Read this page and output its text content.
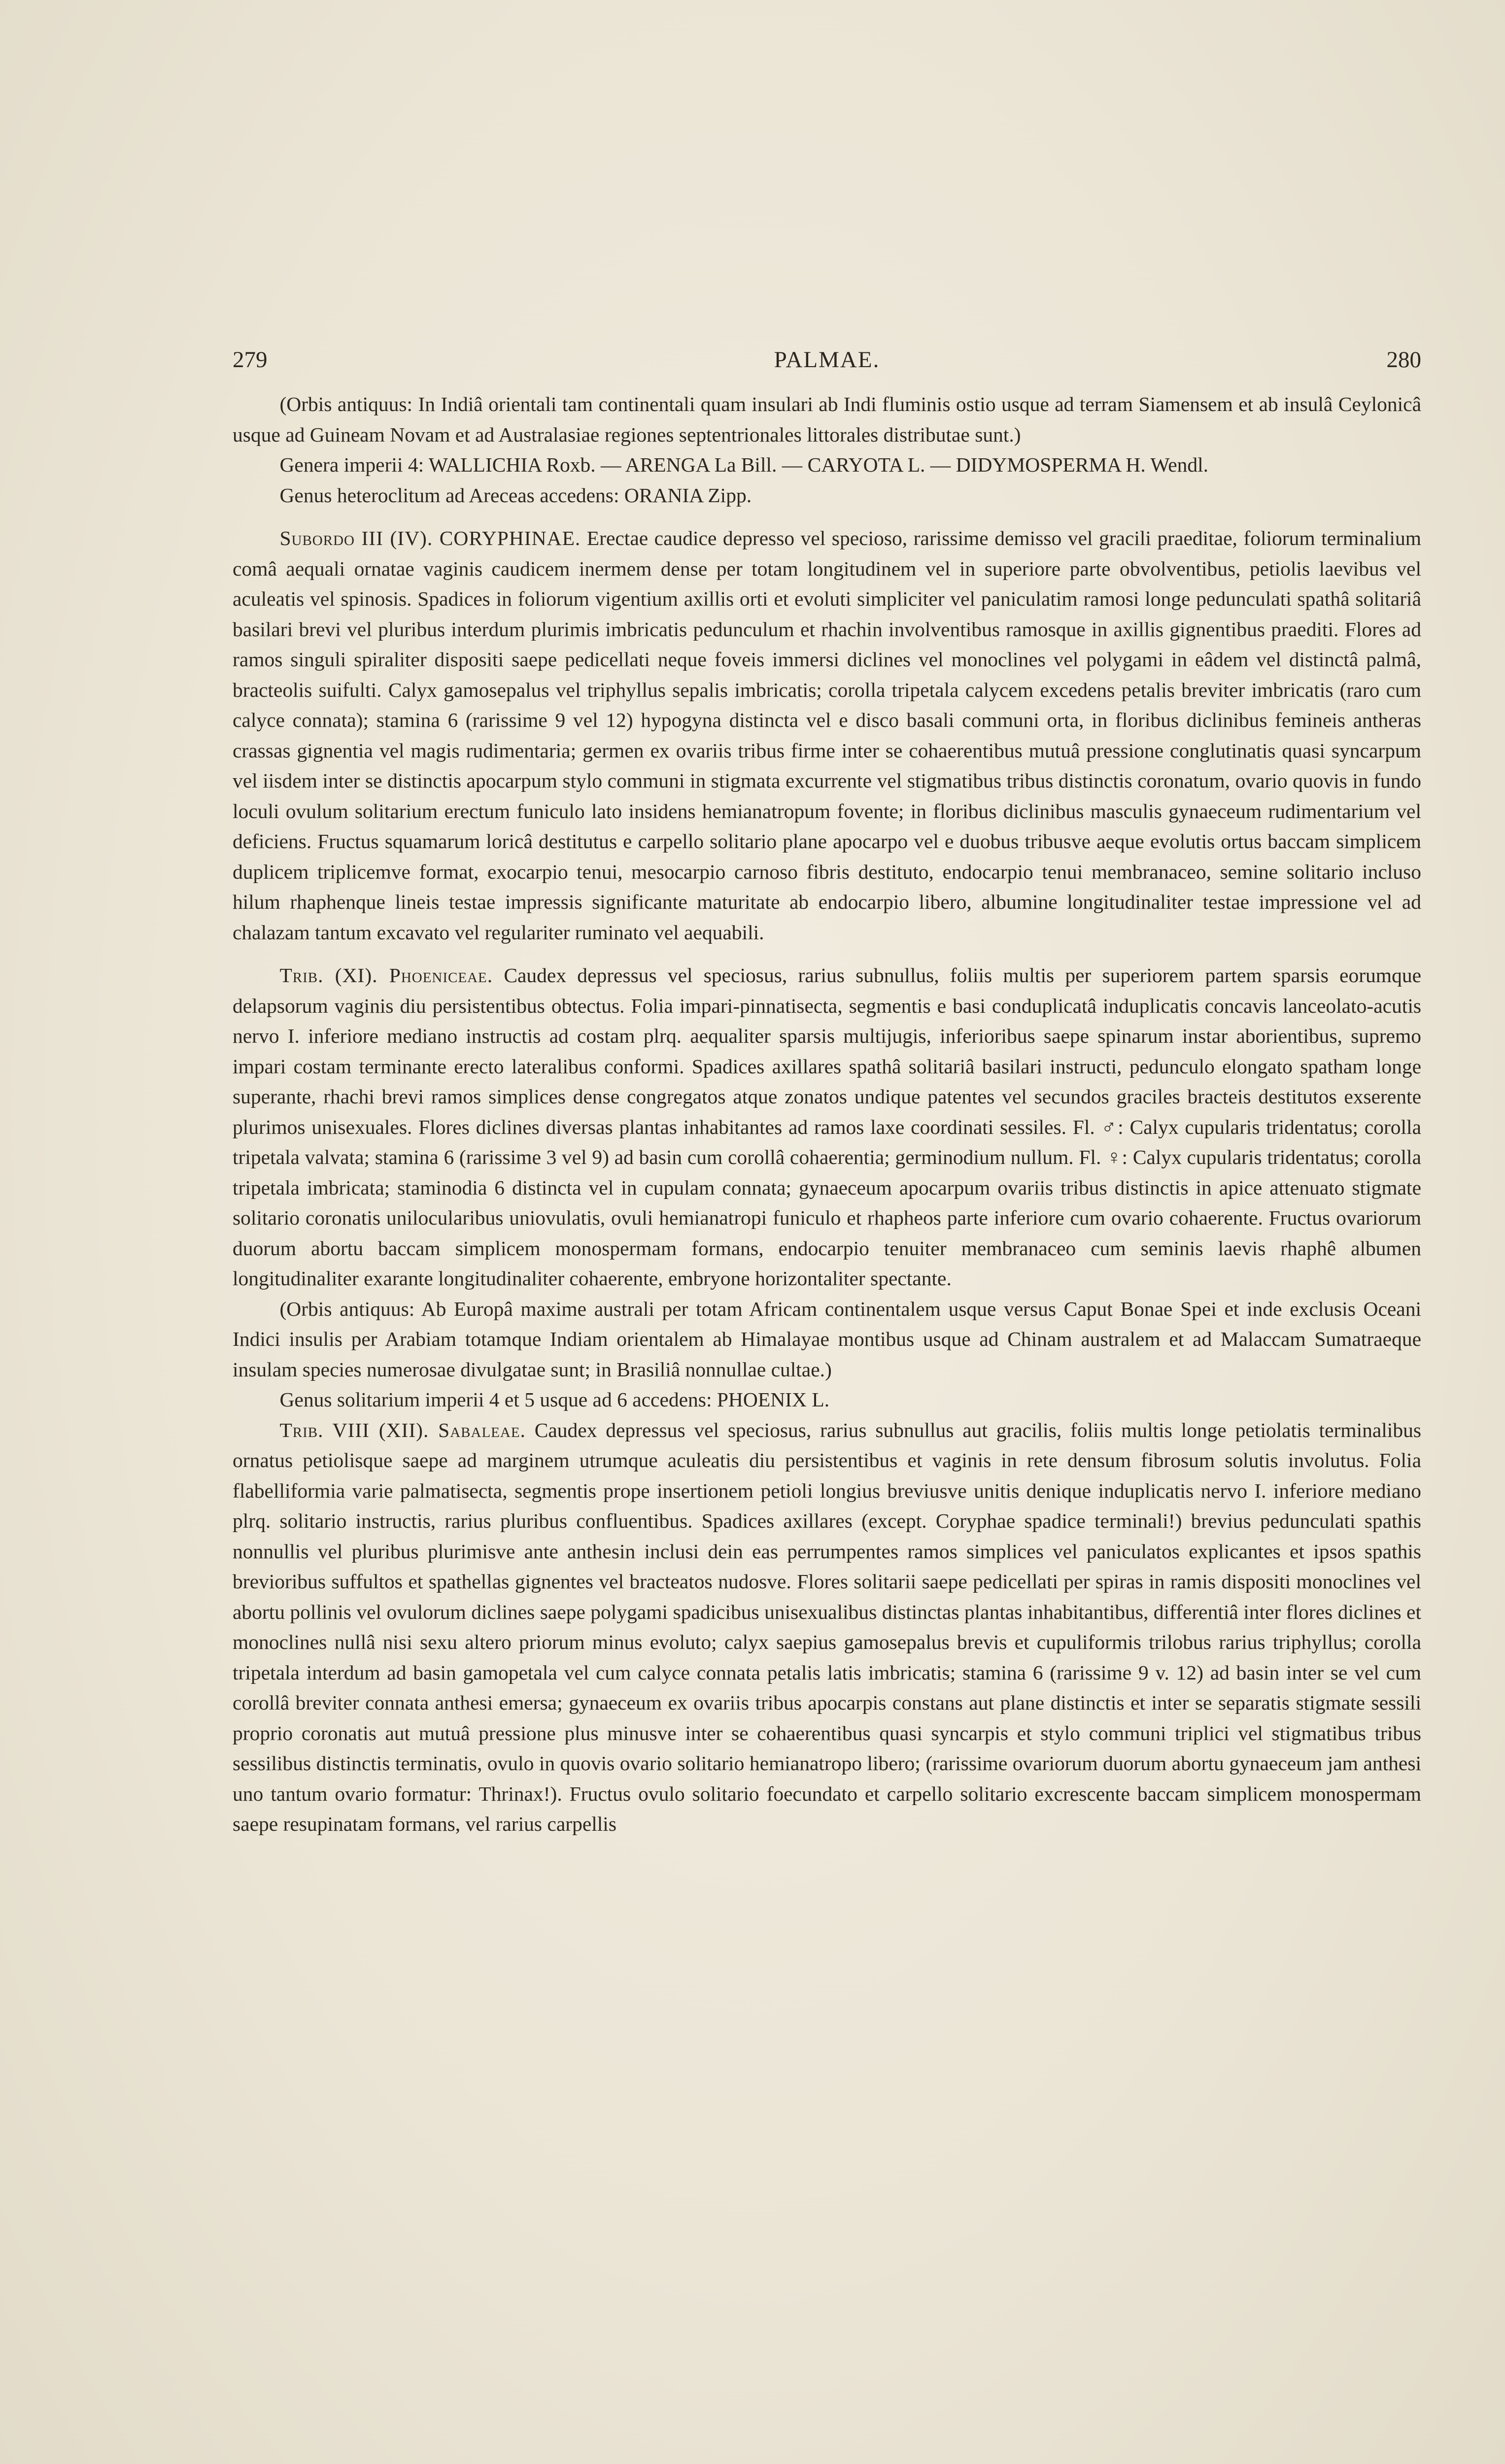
279	PALMAE.	280

(Orbis antiquus: In Indiâ orientali tam continentali quam insulari ab Indi fluminis ostio usque ad terram Siamensem et ab insulâ Ceylonicâ usque ad Guineam Novam et ad Australasiae regiones septentrionales littorales distributae sunt.)

Genera imperii 4: WALLICHIA Roxb. — ARENGA La Bill. — CARYOTA L. — DIDYMOSPERMA H. Wendl.

Genus heteroclitum ad Areceas accedens: ORANIA Zipp.

Subordo III (IV). CORYPHINAE. Erectae caudice depresso vel specioso, rarissime demisso vel gracili praeditae, foliorum terminalium comâ aequali ornatae vaginis caudicem inermem dense per totam longitudinem vel in superiore parte obvolventibus, petiolis laevibus vel aculeatis vel spinosis. Spadices in foliorum vigentium axillis orti et evoluti simpliciter vel paniculatim ramosi longe pedunculati spathâ solitariâ basilari brevi vel pluribus interdum plurimis imbricatis pedunculum et rhachin involventibus ramosque in axillis gignentibus praediti. Flores ad ramos singuli spiraliter dispositi saepe pedicellati neque foveis immersi diclines vel monoclines vel polygami in eâdem vel distinctâ palmâ, bracteolis suifulti. Calyx gamosepalus vel triphyllus sepalis imbricatis; corolla tripetala calycem excedens petalis breviter imbricatis (raro cum calyce connata); stamina 6 (rarissime 9 vel 12) hypogyna distincta vel e disco basali communi orta, in floribus diclinibus femineis antheras crassas gignentia vel magis rudimentaria; germen ex ovariis tribus firme inter se cohaerentibus mutuâ pressione conglutinatis quasi syncarpum vel iisdem inter se distinctis apocarpum stylo communi in stigmata excurrente vel stigmatibus tribus distinctis coronatum, ovario quovis in fundo loculi ovulum solitarium erectum funiculo lato insidens hemianatropum fovente; in floribus diclinibus masculis gynaeceum rudimentarium vel deficiens. Fructus squamarum loricâ destitutus e carpello solitario plane apocarpo vel e duobus tribusve aeque evolutis ortus baccam simplicem duplicem triplicemve format, exocarpio tenui, mesocarpio carnoso fibris destituto, endocarpio tenui membranaceo, semine solitario incluso hilum rhaphenque lineis testae impressis significante maturitate ab endocarpio libero, albumine longitudinaliter testae impressione vel ad chalazam tantum excavato vel regulariter ruminato vel aequabili.

Trib. (XI). Phoeniceae. Caudex depressus vel speciosus, rarius subnullus, foliis multis per superiorem partem sparsis eorumque delapsorum vaginis diu persistentibus obtectus. Folia impari-pinnatisecta, segmentis e basi conduplicatâ induplicatis concavis lanceolato-acutis nervo I. inferiore mediano instructis ad costam plrq. aequaliter sparsis multijugis, inferioribus saepe spinarum instar aborientibus, supremo impari costam terminante erecto lateralibus conformi. Spadices axillares spathâ solitariâ basilari instructi, pedunculo elongato spatham longe superante, rhachi brevi ramos simplices dense congregatos atque zonatos undique patentes vel secundos graciles bracteis destitutos exserente plurimos unisexuales. Flores diclines diversas plantas inhabitantes ad ramos laxe coordinati sessiles. Fl. ♂: Calyx cupularis tridentatus; corolla tripetala valvata; stamina 6 (rarissime 3 vel 9) ad basin cum corollâ cohaerentia; germinodium nullum. Fl. ♀: Calyx cupularis tridentatus; corolla tripetala imbricata; staminodia 6 distincta vel in cupulam connata; gynaeceum apocarpum ovariis tribus distinctis in apice attenuato stigmate solitario coronatis unilocularibus uniovulatis, ovuli hemianatropi funiculo et rhapheos parte inferiore cum ovario cohaerente. Fructus ovariorum duorum abortu baccam simplicem monospermam formans, endocarpio tenuiter membranaceo cum seminis laevis rhaphê albumen longitudinaliter exarante longitudinaliter cohaerente, embryone horizontaliter spectante.

(Orbis antiquus: Ab Europâ maxime australi per totam Africam continentalem usque versus Caput Bonae Spei et inde exclusis Oceani Indici insulis per Arabiam totamque Indiam orientalem ab Himalayae montibus usque ad Chinam australem et ad Malaccam Sumatraeque insulam species numerosae divulgatae sunt; in Brasiliâ nonnullae cultae.)

Genus solitarium imperii 4 et 5 usque ad 6 accedens: PHOENIX L.

Trib. VIII (XII). Sabaleae. Caudex depressus vel speciosus, rarius subnullus aut gracilis, foliis multis longe petiolatis terminalibus ornatus petiolisque saepe ad marginem utrumque aculeatis diu persistentibus et vaginis in rete densum fibrosum solutis involutus. Folia flabelliformia varie palmatisecta, segmentis prope insertionem petioli longius breviusve unitis denique induplicatis nervo I. inferiore mediano plrq. solitario instructis, rarius pluribus confluentibus. Spadices axillares (except. Coryphae spadice terminali!) brevius pedunculati spathis nonnullis vel pluribus plurimisve ante anthesin inclusi dein eas perrumpentes ramos simplices vel paniculatos explicantes et ipsos spathis brevioribus suffultos et spathellas gignentes vel bracteatos nudosve. Flores solitarii saepe pedicellati per spiras in ramis dispositi monoclines vel abortu pollinis vel ovulorum diclines saepe polygami spadicibus unisexualibus distinctas plantas inhabitantibus, differentiâ inter flores diclines et monoclines nullâ nisi sexu altero priorum minus evoluto; calyx saepius gamosepalus brevis et cupuliformis trilobus rarius triphyllus; corolla tripetala interdum ad basin gamopetala vel cum calyce connata petalis latis imbricatis; stamina 6 (rarissime 9 v. 12) ad basin inter se vel cum corollâ breviter connata anthesi emersa; gynaeceum ex ovariis tribus apocarpis constans aut plane distinctis et inter se separatis stigmate sessili proprio coronatis aut mutuâ pressione plus minusve inter se cohaerentibus quasi syncarpis et stylo communi triplici vel stigmatibus tribus sessilibus distinctis terminatis, ovulo in quovis ovario solitario hemianatropo libero; (rarissime ovariorum duorum abortu gynaeceum jam anthesi uno tantum ovario formatur: Thrinax!). Fructus ovulo solitario foecundato et carpello solitario excrescente baccam simplicem monospermam saepe resupinatam formans, vel rarius carpellis
